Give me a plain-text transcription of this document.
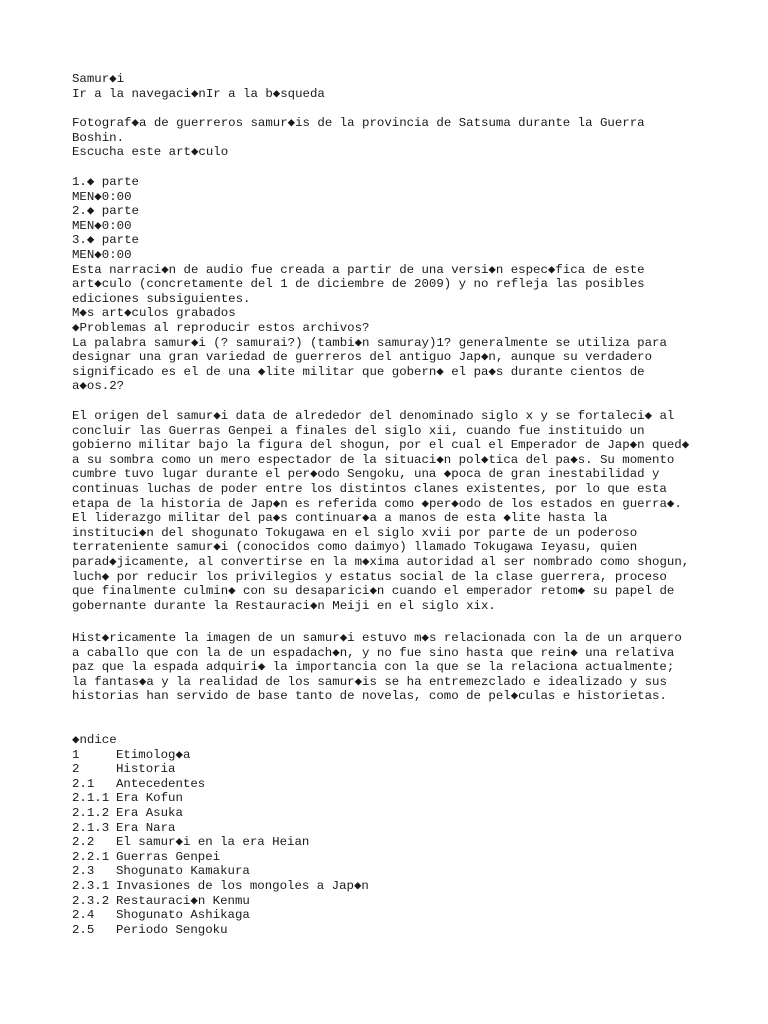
Samur◆i
Ir a la navegaci◆nIr a la b◆squeda
Fotograf◆a de guerreros samur◆is de la provincia de Satsuma durante la Guerra Boshin.
Escucha este art◆culo
1.◆ parte
MEN◆0:00
2.◆ parte
MEN◆0:00
3.◆ parte
MEN◆0:00
Esta narraci◆n de audio fue creada a partir de una versi◆n espec◆fica de este art◆culo (concretamente del 1 de diciembre de 2009) y no refleja las posibles ediciones subsiguientes.
M◆s art◆culos grabados
◆Problemas al reproducir estos archivos?
La palabra samur◆i (? samurai?) (tambi◆n samuray)1? generalmente se utiliza para designar una gran variedad de guerreros del antiguo Jap◆n, aunque su verdadero significado es el de una ◆lite militar que gobern◆ el pa◆s durante cientos de a◆os.2?
El origen del samur◆i data de alrededor del denominado siglo x y se fortaleci◆ al concluir las Guerras Genpei a finales del siglo xii, cuando fue instituido un gobierno militar bajo la figura del shogun, por el cual el Emperador de Jap◆n qued◆ a su sombra como un mero espectador de la situaci◆n pol◆tica del pa◆s. Su momento cumbre tuvo lugar durante el per◆odo Sengoku, una ◆poca de gran inestabilidad y continuas luchas de poder entre los distintos clanes existentes, por lo que esta etapa de la historia de Jap◆n es referida como ◆per◆odo de los estados en guerra◆. El liderazgo militar del pa◆s continuar◆a a manos de esta ◆lite hasta la instituci◆n del shogunato Tokugawa en el siglo xvii por parte de un poderoso terrateniente samur◆i (conocidos como daimyo) llamado Tokugawa Ieyasu, quien parad◆jicamente, al convertirse en la m◆xima autoridad al ser nombrado como shogun, luch◆ por reducir los privilegios y estatus social de la clase guerrera, proceso que finalmente culmin◆ con su desaparici◆n cuando el emperador retom◆ su papel de gobernante durante la Restauraci◆n Meiji en el siglo xix.
Hist◆ricamente la imagen de un samur◆i estuvo m◆s relacionada con la de un arquero a caballo que con la de un espadach◆n, y no fue sino hasta que rein◆ una relativa paz que la espada adquiri◆ la importancia con la que se la relaciona actualmente; la fantas◆a y la realidad de los samur◆is se ha entremezclado e idealizado y sus historias han servido de base tanto de novelas, como de pel◆culas e historietas.
◆ndice
1	Etimolog◆a
2	Historia
2.1 Antecedentes
2.1.1 Era Kofun
2.1.2 Era Asuka
2.1.3 Era Nara
2.2 El samur◆i en la era Heian
2.2.1 Guerras Genpei
2.3 Shogunato Kamakura
2.3.1 Invasiones de los mongoles a Jap◆n
2.3.2 Restauraci◆n Kenmu
2.4 Shogunato Ashikaga
2.5 Periodo Sengoku
